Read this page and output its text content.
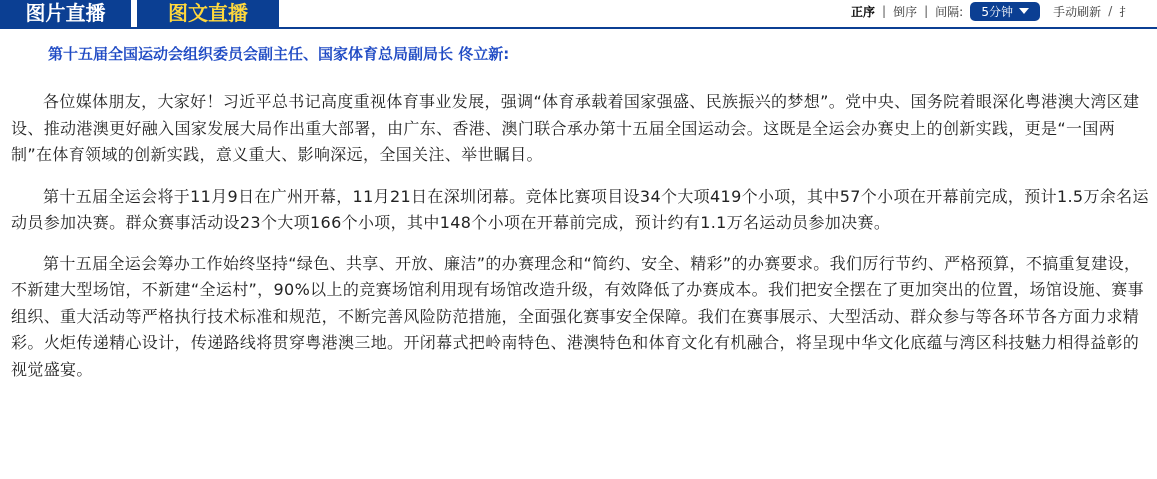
图片直播	图文直播	正序 | 倒序 | 间隔: 5分钟	手动刷新 / 扌

第十五届全国运动会组织委员会副主任、国家体育总局副局长 佟立新:

各位媒体朋友，大家好！习近平总书记高度重视体育事业发展，强调“体育承载着国家强盛、民族振兴的梦想”。党中央、国务院着眼深化粤港澳大湾区建设、推动港澳更好融入国家发展大局作出重大部署，由广东、香港、澳门联合承办第十五届全国运动会。这既是全运会办赛史上的创新实践，更是“一国两制”在体育领域的创新实践，意义重大、影响深远，全国关注、举世瞩目。

第十五届全运会将于11月9日在广州开幕，11月21日在深圳闭幕。竞体比赛项目设34个大项419个小项，其中57个小项在开幕前完成，预计1.5万余名运动员参加决赛。群众赛事活动设23个大项166个小项，其中148个小项在开幕前完成，预计约有1.1万名运动员参加决赛。

第十五届全运会筹办工作始终坚持“绿色、共享、开放、廉洁”的办赛理念和“简约、安全、精彩”的办赛要求。我们厉行节约、严格预算，不搞重复建设，不新建大型场馆，不新建“全运村”，90%以上的竞赛场馆利用现有场馆改造升级，有效降低了办赛成本。我们把安全摆在了更加突出的位置，场馆设施、赛事组织、重大活动等严格执行技术标准和规范，不断完善风险防范措施，全面强化赛事安全保障。我们在赛事展示、大型活动、群众参与等各环节各方面力求精彩。火炬传递精心设计，传递路线将贯穿粤港澳三地。开闭幕式把岭南特色、港澳特色和体育文化有机融合，将呈现中华文化底蕴与湾区科技魅力相得益彰的视觉盛宴。
